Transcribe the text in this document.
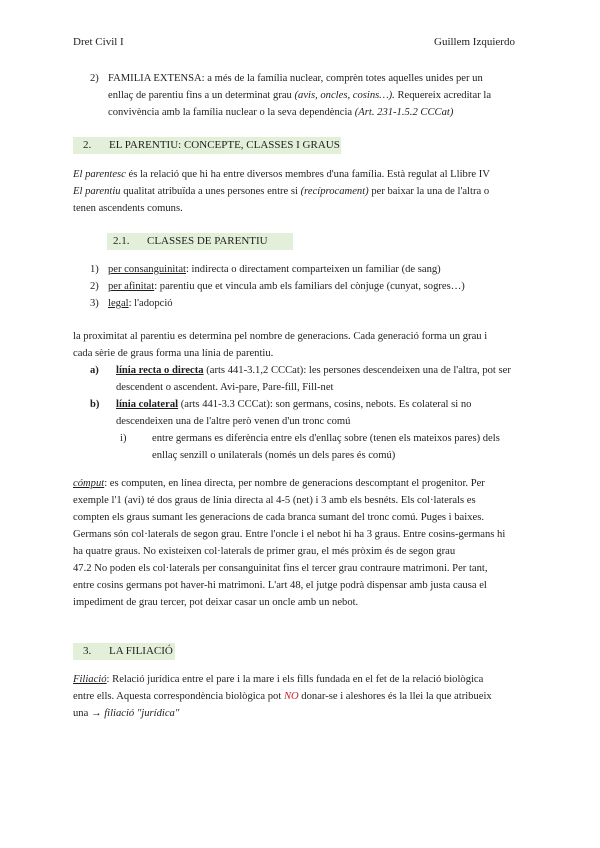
Dret Civil I	Guillem Izquierdo
2) FAMILIA EXTENSA: a més de la família nuclear, comprèn totes aquelles unides per un

enllaç de parentiu fins a un determinat grau (avis, oncles, cosins…). Requereix acreditar la

convivència amb la família nuclear o la seva dependència (Art. 231-1.5.2 CCCat)

2. EL PARENTIU: CONCEPTE, CLASSES I GRAUS

El parentesc és la relació que hi ha entre diversos membres d'una família. Està regulat al Llibre IV

El parentiu qualitat atribuïda a unes persones entre si (recíprocament) per baixar la una de l'altra o

tenen ascendents comuns.

2.1. CLASSES DE PARENTIU
1) per consanguinitat: indirecta o directament comparteixen un familiar (de sang)

2) per afinitat: parentiu que et vincula amb els familiars del cònjuge (cunyat, sogres…)

3) legal: l'adopció

la proximitat al parentiu es determina pel nombre de generacions. Cada generació forma un grau i

cada sèrie de graus forma una línia de parentiu.

a) línia recta o directa (arts 441-3.1,2 CCCat): les persones descendeixen una de l'altra, pot ser

descendent o ascendent. Avi-pare, Pare-fill, Fill-net

b) línia colateral (arts 441-3.3 CCCat): son germans, cosins, nebots. Es colateral si no

descendeixen una de l'altre però venen d'un tronc comú

i) entre germans es diferència entre els d'enllaç sobre (tenen els mateixos pares) dels

enllaç senzill o unilaterals (només un dels pares és comú)

cómput: es computen, en línea directa, per nombre de generacions descomptant el progenitor. Per

exemple l'1 (avi) té dos graus de línia directa al 4-5 (net) i 3 amb els besnéts. Els col·laterals es

compten els graus sumant les generacions de cada branca sumant del tronc comú. Puges i baixes.

Germans són col·laterals de segon grau. Entre l'oncle i el nebot hi ha 3 graus. Entre cosins-germans hi

ha quatre graus. No existeixen col·laterals de primer grau, el més pròxim és de segon grau

47.2 No poden els col·laterals per consanguinitat fins el tercer grau contraure matrimoni. Per tant,

entre cosins germans pot haver-hi matrimoni. L'art 48, el jutge podrà dispensar amb justa causa el

impediment de grau tercer, pot deixar casar un oncle amb un nebot.

3. LA FILIACIÓ

Filiació: Relació jurídica entre el pare i la mare i els fills fundada en el fet de la relació biològica

entre ells. Aquesta correspondència biològica pot NO donar-se i aleshores és la llei la que atribueix

una → filiació "jurídica"
